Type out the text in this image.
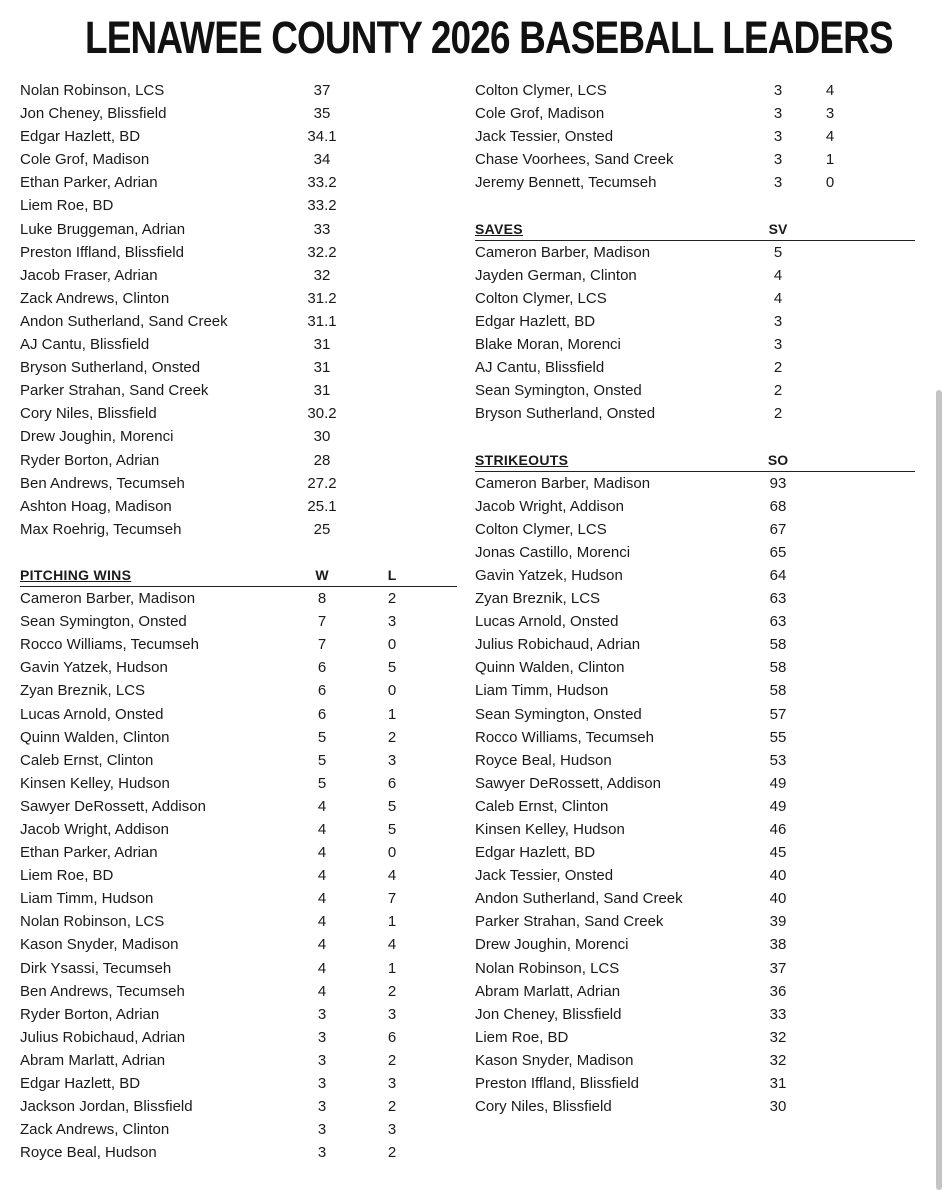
LENAWEE COUNTY 2026 BASEBALL LEADERS
Nolan Robinson, LCS	37
Jon Cheney, Blissfield	35
Edgar Hazlett, BD	34.1
Cole Grof, Madison	34
Ethan Parker, Adrian	33.2
Liem Roe, BD	33.2
Luke Bruggeman, Adrian	33
Preston Iffland, Blissfield	32.2
Jacob Fraser, Adrian	32
Zack Andrews, Clinton	31.2
Andon Sutherland, Sand Creek	31.1
AJ Cantu, Blissfield	31
Bryson Sutherland, Onsted	31
Parker Strahan, Sand Creek	31
Cory Niles, Blissfield	30.2
Drew Joughin, Morenci	30
Ryder Borton, Adrian	28
Ben Andrews, Tecumseh	27.2
Ashton Hoag, Madison	25.1
Max Roehrig, Tecumseh	25
PITCHING WINS	W	L
Cameron Barber, Madison	8	2
Sean Symington, Onsted	7	3
Rocco Williams, Tecumseh	7	0
Gavin Yatzek, Hudson	6	5
Zyan Breznik, LCS	6	0
Lucas Arnold, Onsted	6	1
Quinn Walden, Clinton	5	2
Caleb Ernst, Clinton	5	3
Kinsen Kelley, Hudson	5	6
Sawyer DeRossett, Addison	4	5
Jacob Wright, Addison	4	5
Ethan Parker, Adrian	4	0
Liem Roe, BD	4	4
Liam Timm, Hudson	4	7
Nolan Robinson, LCS	4	1
Kason Snyder, Madison	4	4
Dirk Ysassi, Tecumseh	4	1
Ben Andrews, Tecumseh	4	2
Ryder Borton, Adrian	3	3
Julius Robichaud, Adrian	3	6
Abram Marlatt, Adrian	3	2
Edgar Hazlett, BD	3	3
Jackson Jordan, Blissfield	3	2
Zack Andrews, Clinton	3	3
Royce Beal, Hudson	3	2
Colton Clymer, LCS	3	4
Cole Grof, Madison	3	3
Jack Tessier, Onsted	3	4
Chase Voorhees, Sand Creek	3	1
Jeremy Bennett, Tecumseh	3	0
SAVES	SV
Cameron Barber, Madison	5
Jayden German, Clinton	4
Colton Clymer, LCS	4
Edgar Hazlett, BD	3
Blake Moran, Morenci	3
AJ Cantu, Blissfield	2
Sean Symington, Onsted	2
Bryson Sutherland, Onsted	2
STRIKEOUTS	SO
Cameron Barber, Madison	93
Jacob Wright, Addison	68
Colton Clymer, LCS	67
Jonas Castillo, Morenci	65
Gavin Yatzek, Hudson	64
Zyan Breznik, LCS	63
Lucas Arnold, Onsted	63
Julius Robichaud, Adrian	58
Quinn Walden, Clinton	58
Liam Timm, Hudson	58
Sean Symington, Onsted	57
Rocco Williams, Tecumseh	55
Royce Beal, Hudson	53
Sawyer DeRossett, Addison	49
Caleb Ernst, Clinton	49
Kinsen Kelley, Hudson	46
Edgar Hazlett, BD	45
Jack Tessier, Onsted	40
Andon Sutherland, Sand Creek	40
Parker Strahan, Sand Creek	39
Drew Joughin, Morenci	38
Nolan Robinson, LCS	37
Abram Marlatt, Adrian	36
Jon Cheney, Blissfield	33
Liem Roe, BD	32
Kason Snyder, Madison	32
Preston Iffland, Blissfield	31
Cory Niles, Blissfield	30
